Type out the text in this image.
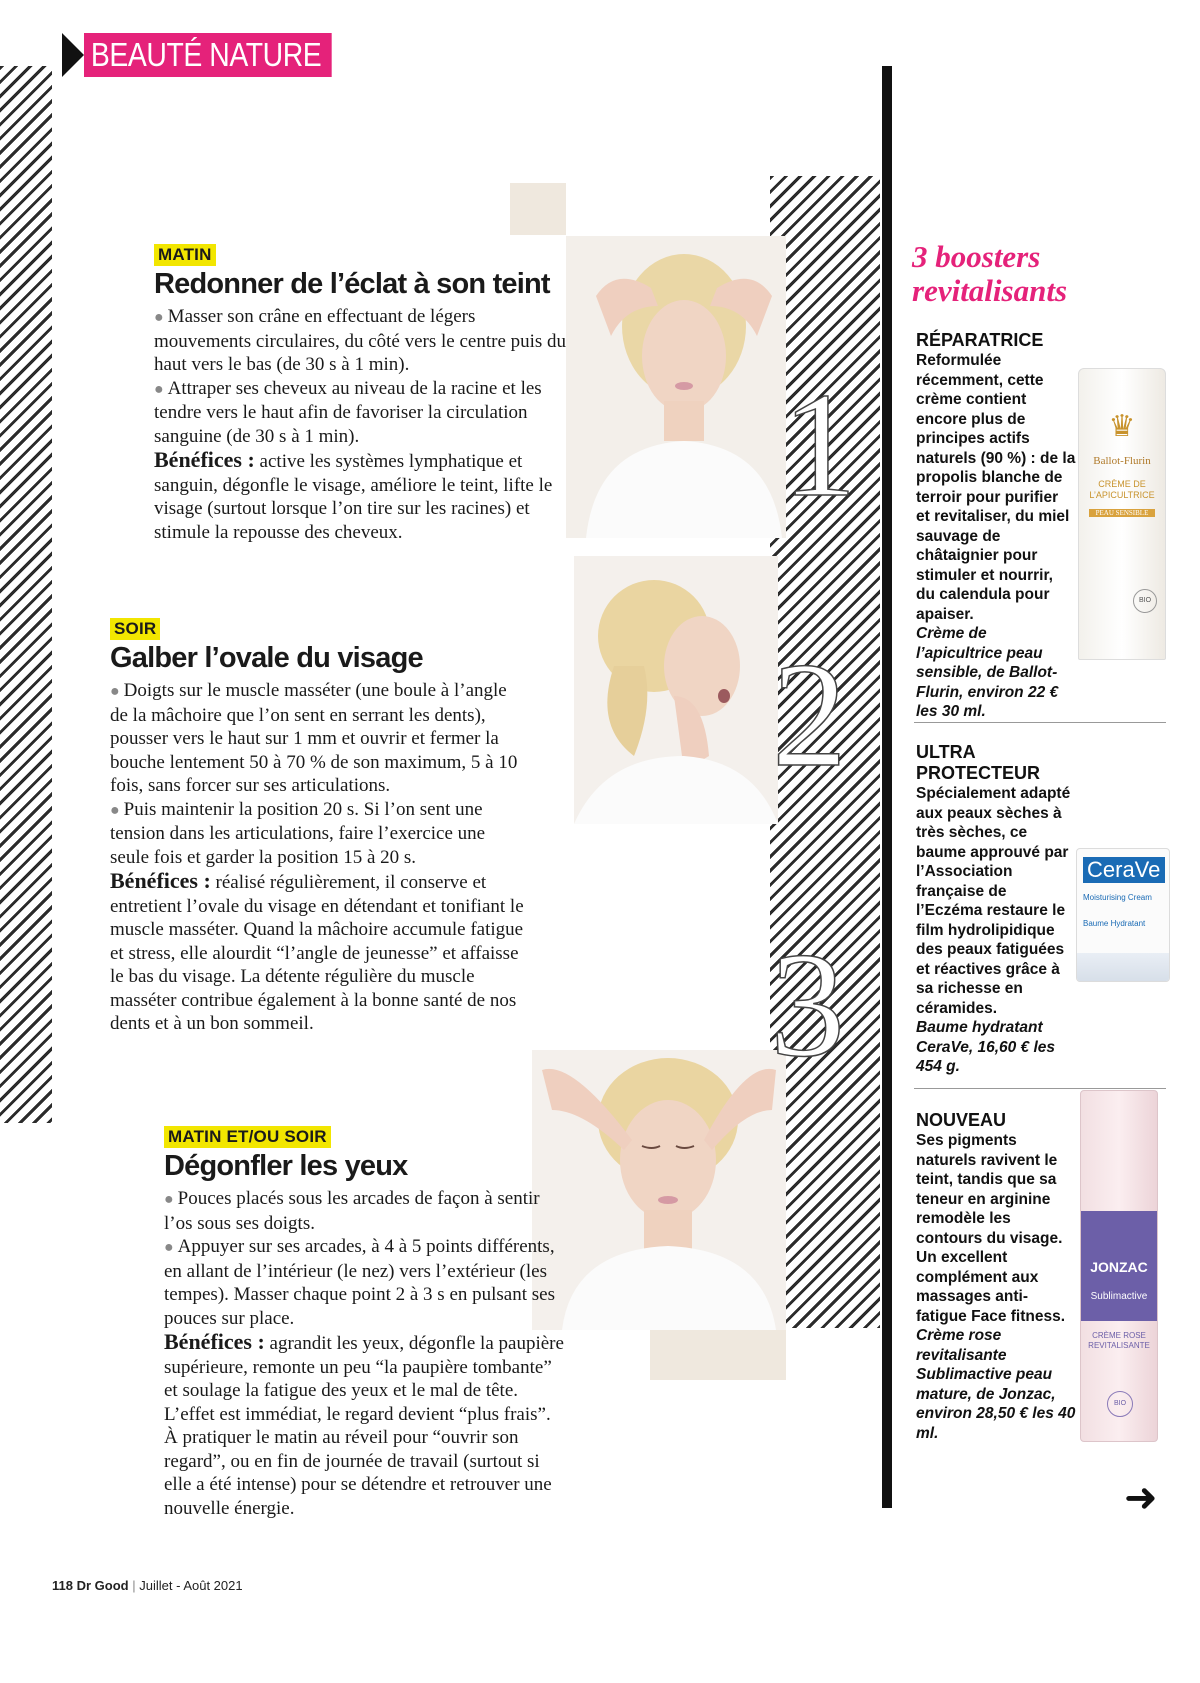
BEAUTÉ NATURE
1
2
3
MATIN
Redonner de l’éclat à son teint

● Masser son crâne en effectuant de légers mouvements circulaires, du côté vers le centre puis du haut vers le bas (de 30 s à 1 min).

● Attraper ses cheveux au niveau de la racine et les tendre vers le haut afin de favoriser la circulation sanguine (de 30 s à 1 min).

Bénéfices : active les systèmes lymphatique et sanguin, dégonfle le visage, améliore le teint, lifte le visage (surtout lorsque l’on tire sur les racines) et stimule la repousse des cheveux.

SOIR
Galber l’ovale du visage

● Doigts sur le muscle masséter (une boule à l’angle de la mâchoire que l’on sent en serrant les dents), pousser vers le haut sur 1 mm et ouvrir et fermer la bouche lentement 50 à 70 % de son maximum, 5 à 10 fois, sans forcer sur ses articulations.

● Puis maintenir la position 20 s. Si l’on sent une tension dans les articulations, faire l’exercice une seule fois et garder la position 15 à 20 s.

Bénéfices : réalisé régulièrement, il conserve et entretient l’ovale du visage en détendant et tonifiant le muscle masséter. Quand la mâchoire accumule fatigue et stress, elle alourdit “l’angle de jeunesse” et affaisse le bas du visage. La détente régulière du muscle masséter contribue également à la bonne santé de nos dents et à un bon sommeil.

MATIN ET/OU SOIR
Dégonfler les yeux

● Pouces placés sous les arcades de façon à sentir l’os sous ses doigts.

● Appuyer sur ses arcades, à 4 à 5 points différents, en allant de l’intérieur (le nez) vers l’extérieur (les tempes). Masser chaque point 2 à 3 s en pulsant ses pouces sur place.

Bénéfices : agrandit les yeux, dégonfle la paupière supérieure, remonte un peu “la paupière tombante” et soulage la fatigue des yeux et le mal de tête. L’effet est immédiat, le regard devient “plus frais”. À pratiquer le matin au réveil pour “ouvrir son regard”, ou en fin de journée de travail (surtout si elle a été intense) pour se détendre et retrouver une nouvelle énergie.

3 boosters
revitalisants
RÉPARATRICE
Reformulée récemment, cette crème contient encore plus de principes actifs naturels (90 %) : de la propolis blanche de terroir pour purifier et revitaliser, du miel sauvage de châtaignier pour stimuler et nourrir, du calendula pour apaiser.
Crème de l’apicultrice peau sensible, de Ballot-Flurin, environ 22 € les 30 ml.
♛
Ballot-Flurin
CRÈME DE L’APICULTRICE
PEAU SENSIBLE
BIO
ULTRA PROTECTEUR
Spécialement adapté aux peaux sèches à très sèches, ce baume approuvé par l’Association française de l’Eczéma restaure le film hydrolipidique des peaux fatiguées et réactives grâce à sa richesse en céramides.
Baume hydratant CeraVe, 16,60 € les 454 g.
CeraVe
Moisturising Cream
Baume Hydratant
NOUVEAU
Ses pigments naturels ravivent le teint, tandis que sa teneur en arginine remodèle les contours du visage. Un excellent complément aux massages anti-fatigue Face fitness.
Crème rose revitalisante Sublimactive peau mature, de Jonzac, environ 28,50 € les 40 ml.
JONZAC
Sublimactive
CRÈME ROSE REVITALISANTE
BIO
➜
118 Dr Good | Juillet - Août 2021
